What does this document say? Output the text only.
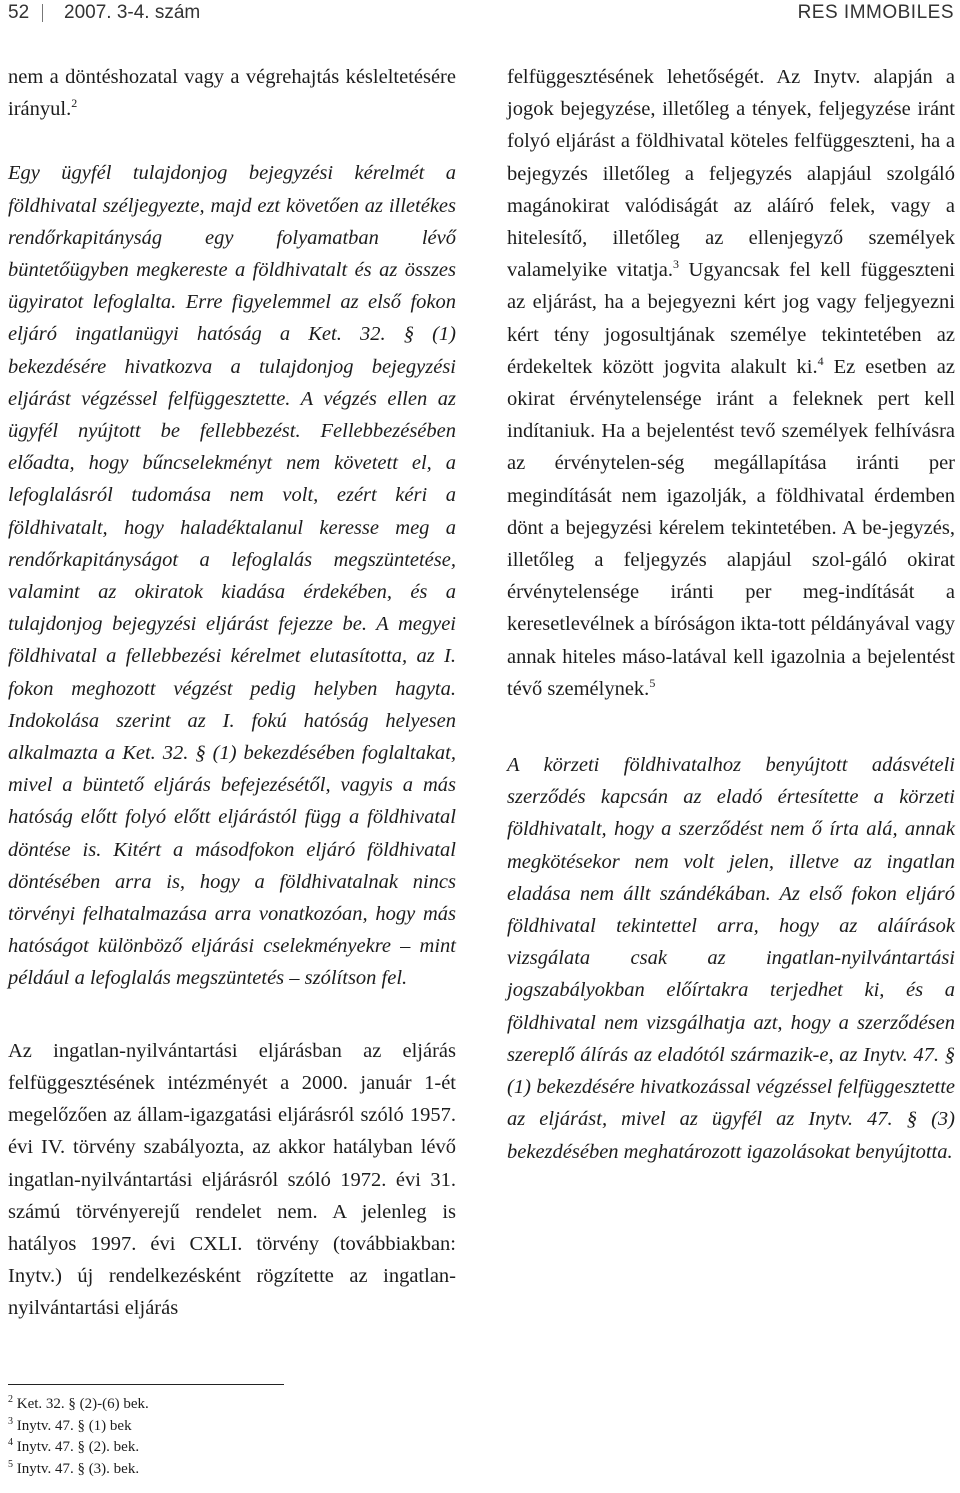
52 2007. 3-4. szám	RES IMMOBILES

nem a döntéshozatal vagy a végrehajtás késleltetésére irányul.$^2$

Egy ügyfél tulajdonjog bejegyzési kérelmét a földhivatal széljegyezte, majd ezt követően az illetékes rendőrkapitányság egy folyamatban lévő büntetőügyben megkereste a földhivatalt és az összes ügyiratot lefoglalta. Erre figyelemmel az első fokon eljáró ingatlanügyi hatóság a Ket. 32. § (1) bekezdésére hivatkozva a tulajdonjog bejegyzési eljárást végzéssel felfüggesztette. A végzés ellen az ügyfél nyújtott be fellebbezést. Fellebbezésében előadta, hogy bűncselekményt nem követett el, a lefoglalásról tudomása nem volt, ezért kéri a földhivatalt, hogy haladéktalanul keresse meg a rendőrkapitányságot a lefoglalás megszüntetése, valamint az okiratok kiadása érdekében, és a tulajdonjog bejegyzési eljárást fejezze be. A megyei földhivatal a fellebbezési kérelmet elutasította, az I. fokon meghozott végzést pedig helyben hagyta. Indokolása szerint az I. fokú hatóság helyesen alkalmazta a Ket. 32. § (1) bekezdésében foglaltakat, mivel a büntető eljárás befejezésétől, vagyis a más hatóság előtt folyó előtt eljárástól függ a földhivatal döntése is. Kitért a másodfokon eljáró földhivatal döntésében arra is, hogy a földhivatalnak nincs törvényi felhatalmazása arra vonatkozóan, hogy más hatóságot különböző eljárási cselekményekre – mint például a lefoglalás megszüntetés – szólítson fel.

Az ingatlan-nyilvántartási eljárásban az eljárás felfüggesztésének intézményét a 2000. január 1-ét megelőzően az állam-igazgatási eljárásról szóló 1957. évi IV. törvény szabályozta, az akkor hatályban lévő ingatlan-nyilvántartási eljárásról szóló 1972. évi 31. számú törvényerejű rendelet nem. A jelenleg is hatályos 1997. évi CXLI. törvény (továbbiakban: Inytv.) új rendelkezésként rögzítette az ingatlan-nyilvántartási eljárás

felfüggesztésének lehetőségét. Az Inytv. alapján a jogok bejegyzése, illetőleg a tények, feljegyzése iránt folyó eljárást a földhivatal köteles felfüggeszteni, ha a bejegyzés illetőleg a feljegyzés alapjául szolgáló magánokirat valódiságát az aláíró felek, vagy a hitelesítő, illetőleg az ellenjegyző személyek valamelyike vitatja.$^3$ Ugyancsak fel kell függeszteni az eljárást, ha a bejegyezni kért jog vagy feljegyezni kért tény jogosultjának személye tekintetében az érdekeltek között jogvita alakult ki.$^4$ Ez esetben az okirat érvénytelensége iránt a feleknek pert kell indítaniuk. Ha a bejelentést tevő személyek felhívásra az érvénytelen-ség megállapítása iránti per megindítását nem igazolják, a földhivatal érdemben dönt a bejegyzési kérelem tekintetében. A be-jegyzés, illetőleg a feljegyzés alapjául szol-gáló okirat érvénytelensége iránti per meg-indítását a keresetlevélnek a bíróságon ikta-tott példányával vagy annak hiteles máso-latával kell igazolnia a bejelentést tévő személynek.$^5$

A körzeti földhivatalhoz benyújtott adásvételi szerződés kapcsán az eladó értesítette a körzeti földhivatalt, hogy a szerződést nem ő írta alá, annak megkötésekor nem volt jelen, illetve az ingatlan eladása nem állt szándékában. Az első fokon eljáró földhivatal tekintettel arra, hogy az aláírások vizsgálata csak az ingatlan-nyilvántartási jogszabályokban előírtakra terjedhet ki, és a földhivatal nem vizsgálhatja azt, hogy a szerződésen szereplő álírás az eladótól származik-e, az Inytv. 47. § (1) bekezdésére hivatkozással végzéssel felfüggesztette az eljárást, mivel az ügyfél az Inytv. 47. § (3) bekezdésében meghatározott igazolásokat benyújtotta.

$^2$ Ket. 32. § (2)-(6) bek.
$^3$ Inytv. 47. § (1) bek
$^4$ Inytv. 47. § (2). bek.
$^5$ Inytv. 47. § (3). bek.
